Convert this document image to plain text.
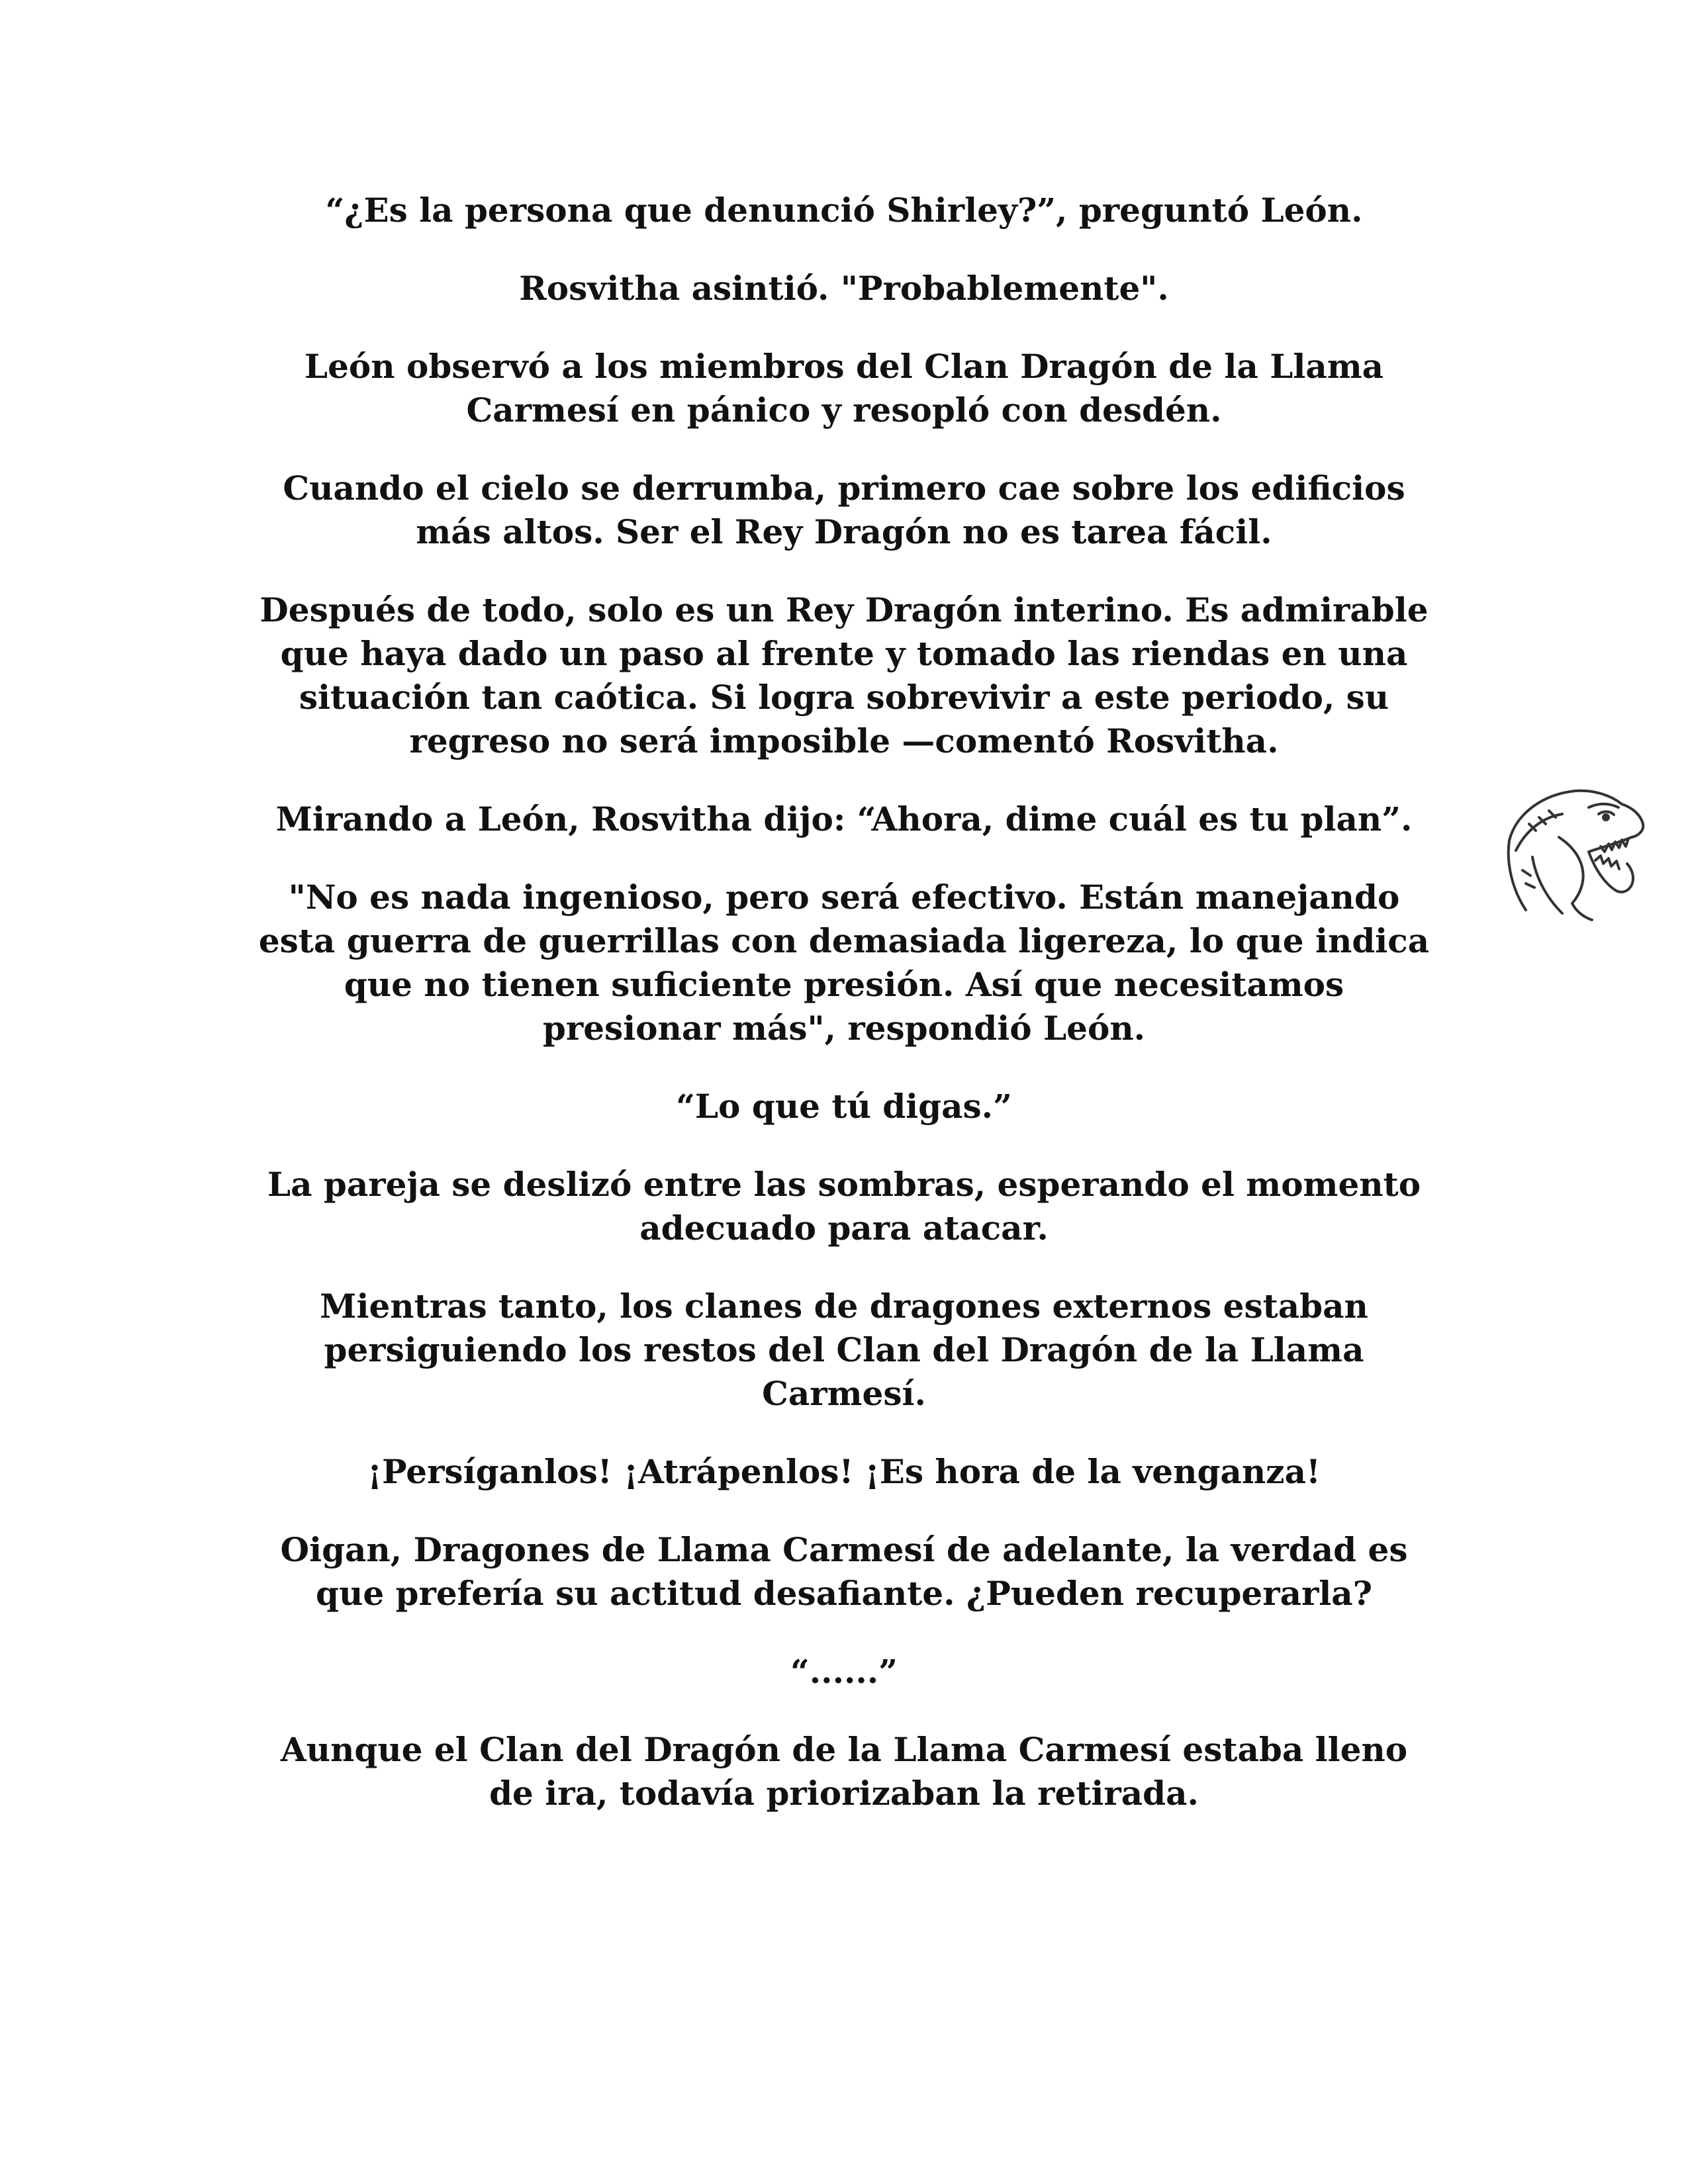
“¿Es la persona que denunció Shirley?”, preguntó León.

Rosvitha asintió. "Probablemente".

León observó a los miembros del Clan Dragón de la Llama
Carmesí en pánico y resopló con desdén.

Cuando el cielo se derrumba, primero cae sobre los edificios
más altos. Ser el Rey Dragón no es tarea fácil.

Después de todo, solo es un Rey Dragón interino. Es admirable
que haya dado un paso al frente y tomado las riendas en una
situación tan caótica. Si logra sobrevivir a este periodo, su
regreso no será imposible —comentó Rosvitha.

Mirando a León, Rosvitha dijo: “Ahora, dime cuál es tu plan”.

"No es nada ingenioso, pero será efectivo. Están manejando
esta guerra de guerrillas con demasiada ligereza, lo que indica
que no tienen suficiente presión. Así que necesitamos
presionar más", respondió León.

“Lo que tú digas.”

La pareja se deslizó entre las sombras, esperando el momento
adecuado para atacar.

Mientras tanto, los clanes de dragones externos estaban
persiguiendo los restos del Clan del Dragón de la Llama
Carmesí.

¡Persíganlos! ¡Atrápenlos! ¡Es hora de la venganza!

Oigan, Dragones de Llama Carmesí de adelante, la verdad es
que prefería su actitud desafiante. ¿Pueden recuperarla?

“......”

Aunque el Clan del Dragón de la Llama Carmesí estaba lleno
de ira, todavía priorizaban la retirada.
